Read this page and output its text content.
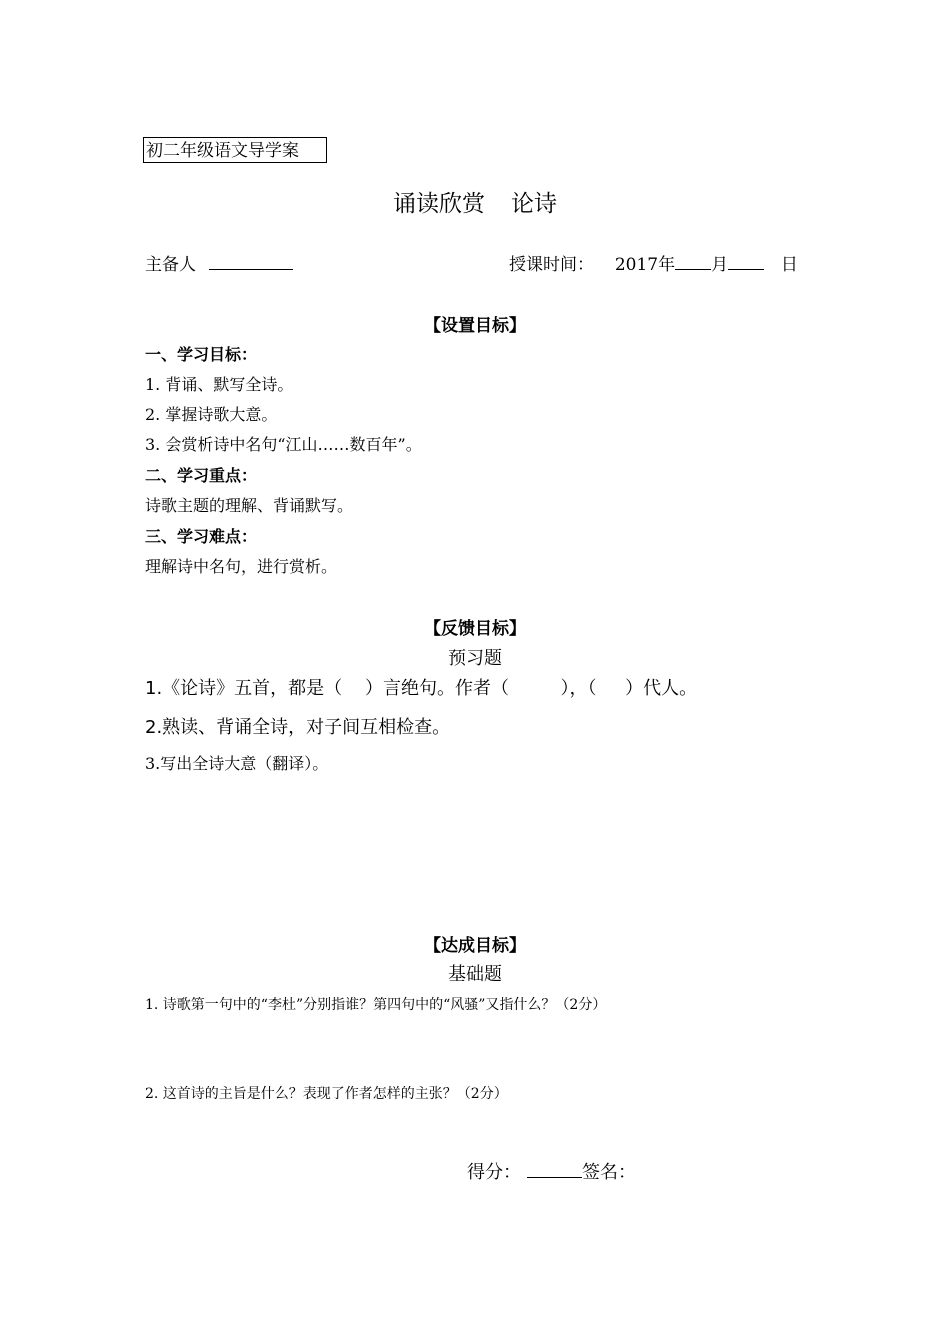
初二年级语文导学案
诵读欣赏 论诗
主备人	授课时间： 2017年 月	日
【设置目标】
一、学习目标：
1. 背诵、默写全诗。
2. 掌握诗歌大意。
3. 会赏析诗中名句“江山……数百年”。
二、学习重点：
诗歌主题的理解、背诵默写。
三、学习难点：
理解诗中名句，进行赏析。
【反馈目标】
预习题
1.《论诗》五首，都是（    ）言绝句。作者（         ），（     ）代人。
2.熟读、背诵全诗，对子间互相检查。
3.写出全诗大意（翻译）。
【达成目标】
基础题
1. 诗歌第一句中的“李杜”分别指谁？第四句中的“风骚”又指什么？（2分）
2. 这首诗的主旨是什么？表现了作者怎样的主张？（2分）
得分：	签名：
